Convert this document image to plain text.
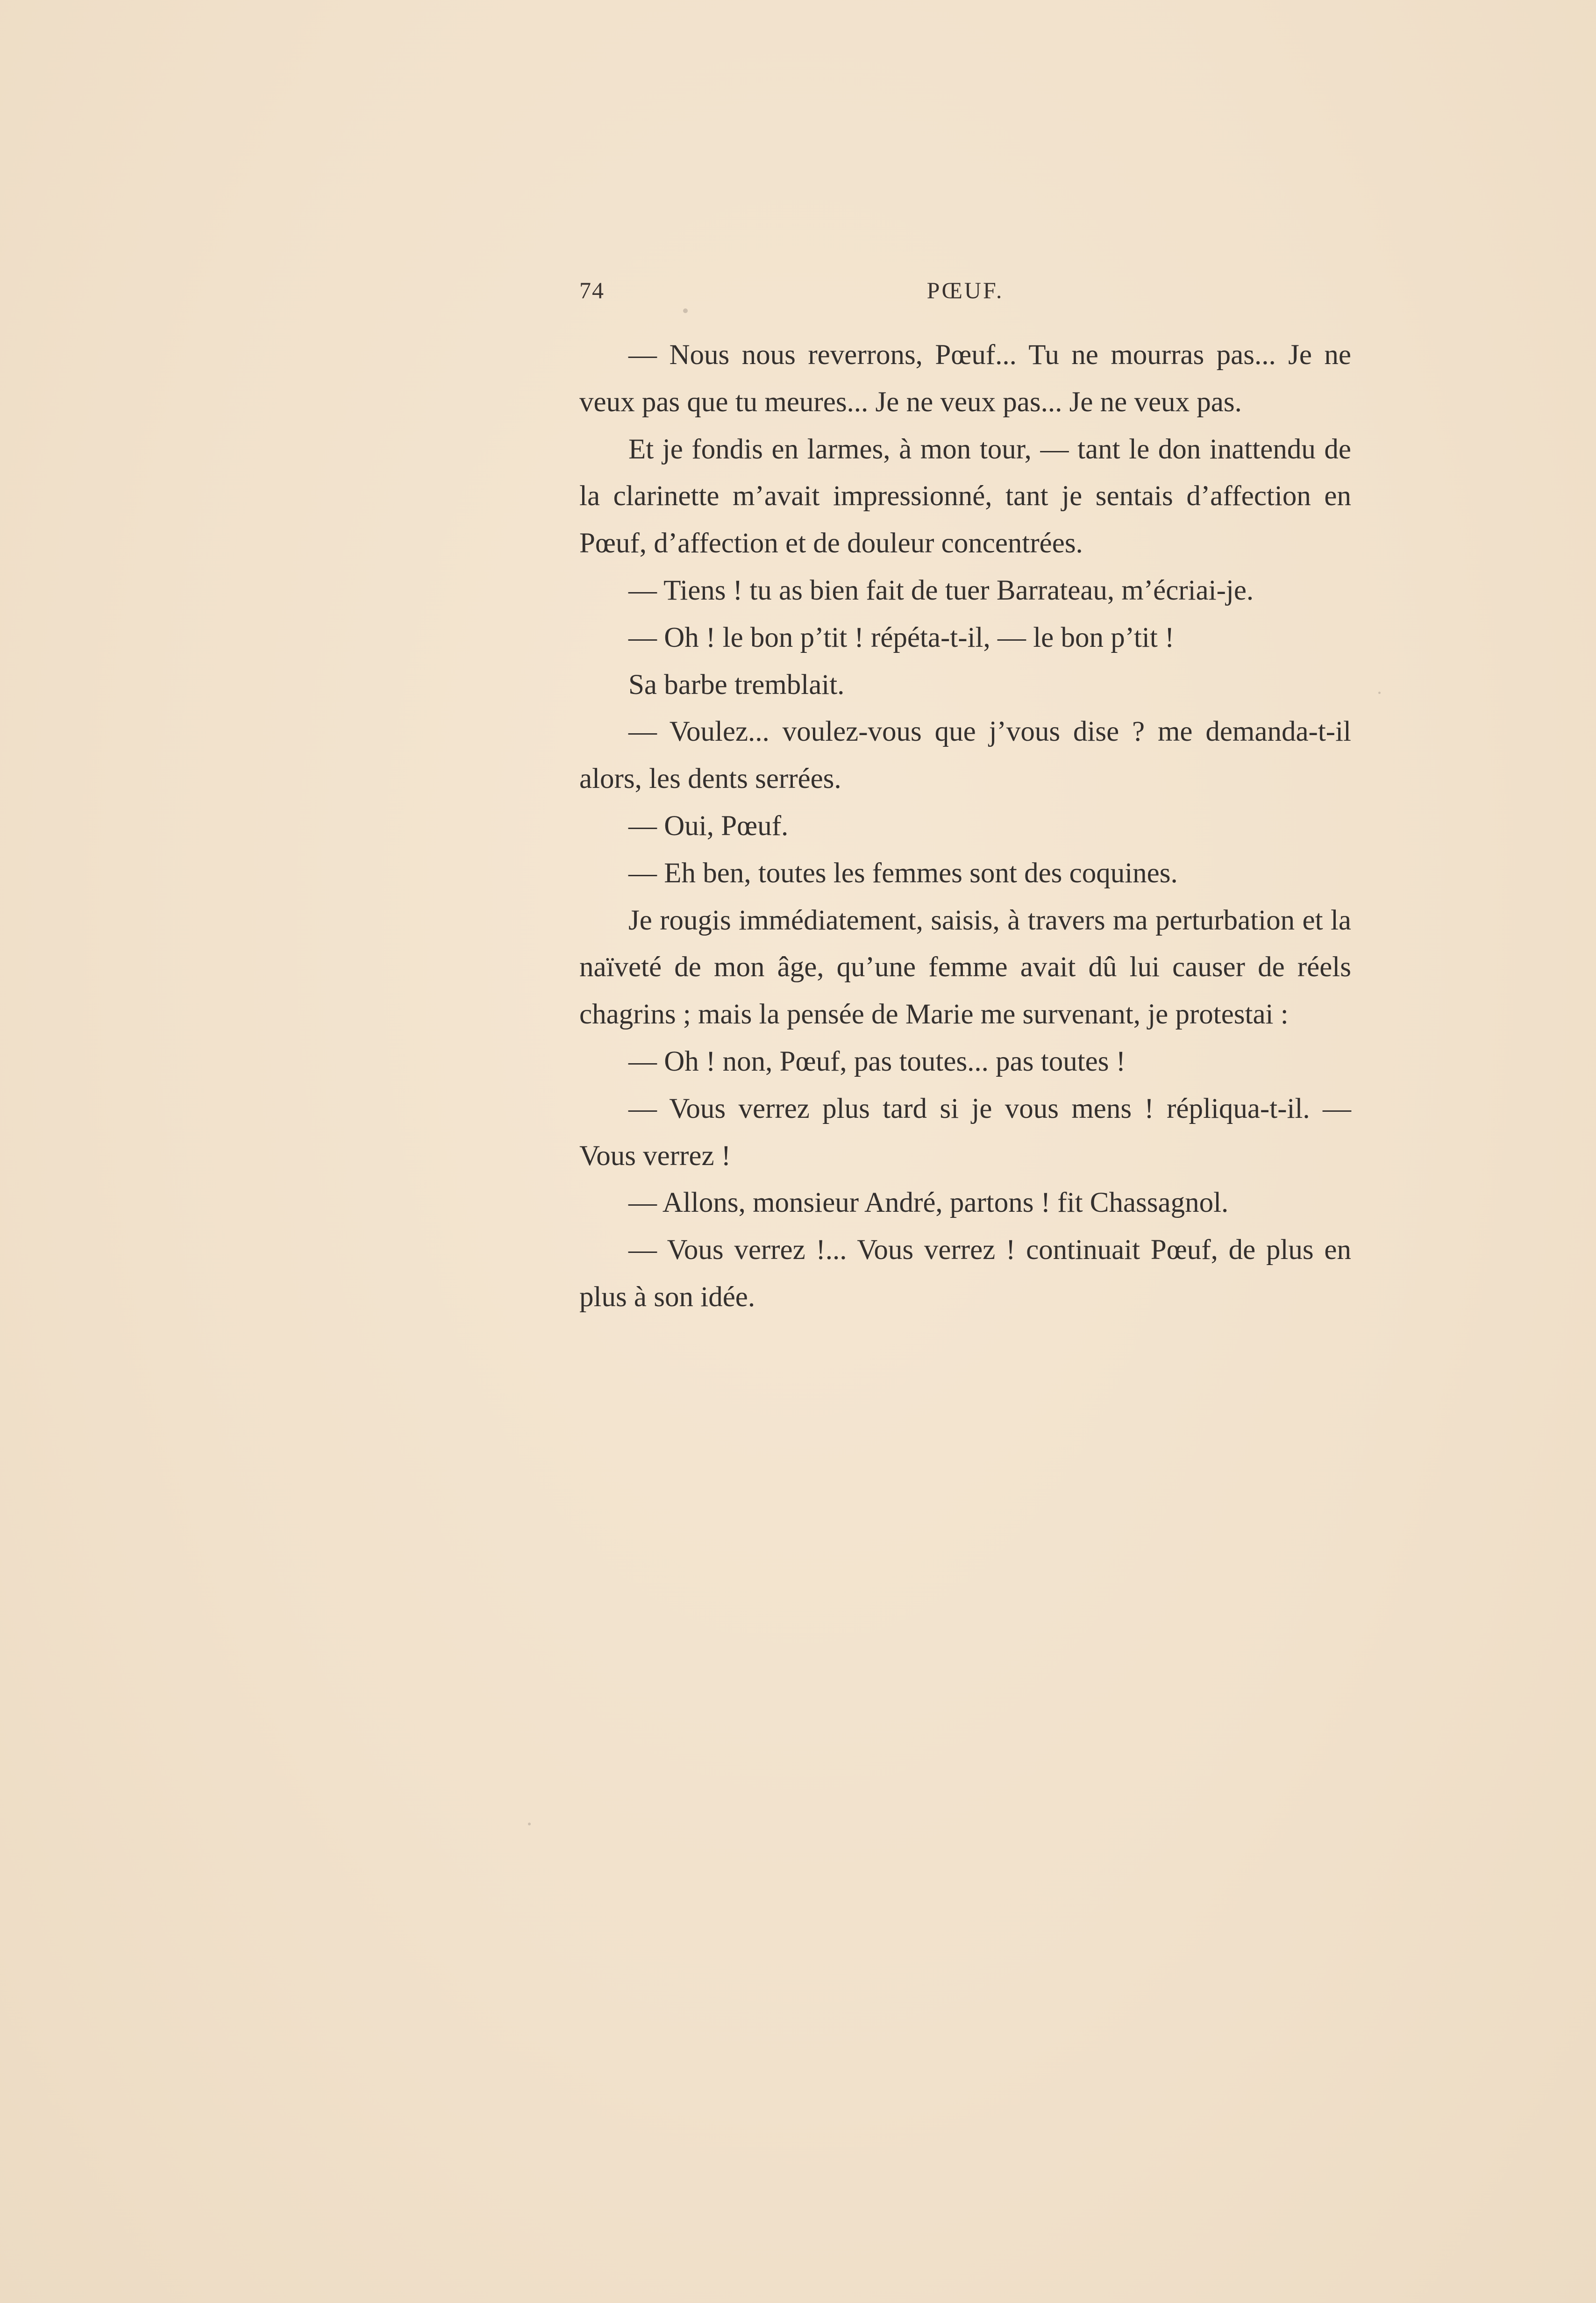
74	PŒUF.

— Nous nous reverrons, Pœuf... Tu ne mourras pas... Je ne veux pas que tu meures... Je ne veux pas... Je ne veux pas.

Et je fondis en larmes, à mon tour, — tant le don inattendu de la clarinette m’avait impressionné, tant je sentais d’affection en Pœuf, d’affection et de douleur concentrées.

— Tiens ! tu as bien fait de tuer Barrateau, m’écriai-je.

— Oh ! le bon p’tit ! répéta-t-il, — le bon p’tit !

Sa barbe tremblait.

— Voulez... voulez-vous que j’vous dise ? me demanda-t-il alors, les dents serrées.

— Oui, Pœuf.

— Eh ben, toutes les femmes sont des coquines.

Je rougis immédiatement, saisis, à travers ma perturbation et la naïveté de mon âge, qu’une femme avait dû lui causer de réels chagrins ; mais la pensée de Marie me survenant, je protestai :

— Oh ! non, Pœuf, pas toutes... pas toutes !

— Vous verrez plus tard si je vous mens ! répliqua-t-il. — Vous verrez !

— Allons, monsieur André, partons ! fit Chassagnol.

— Vous verrez !... Vous verrez ! continuait Pœuf, de plus en plus à son idée.
